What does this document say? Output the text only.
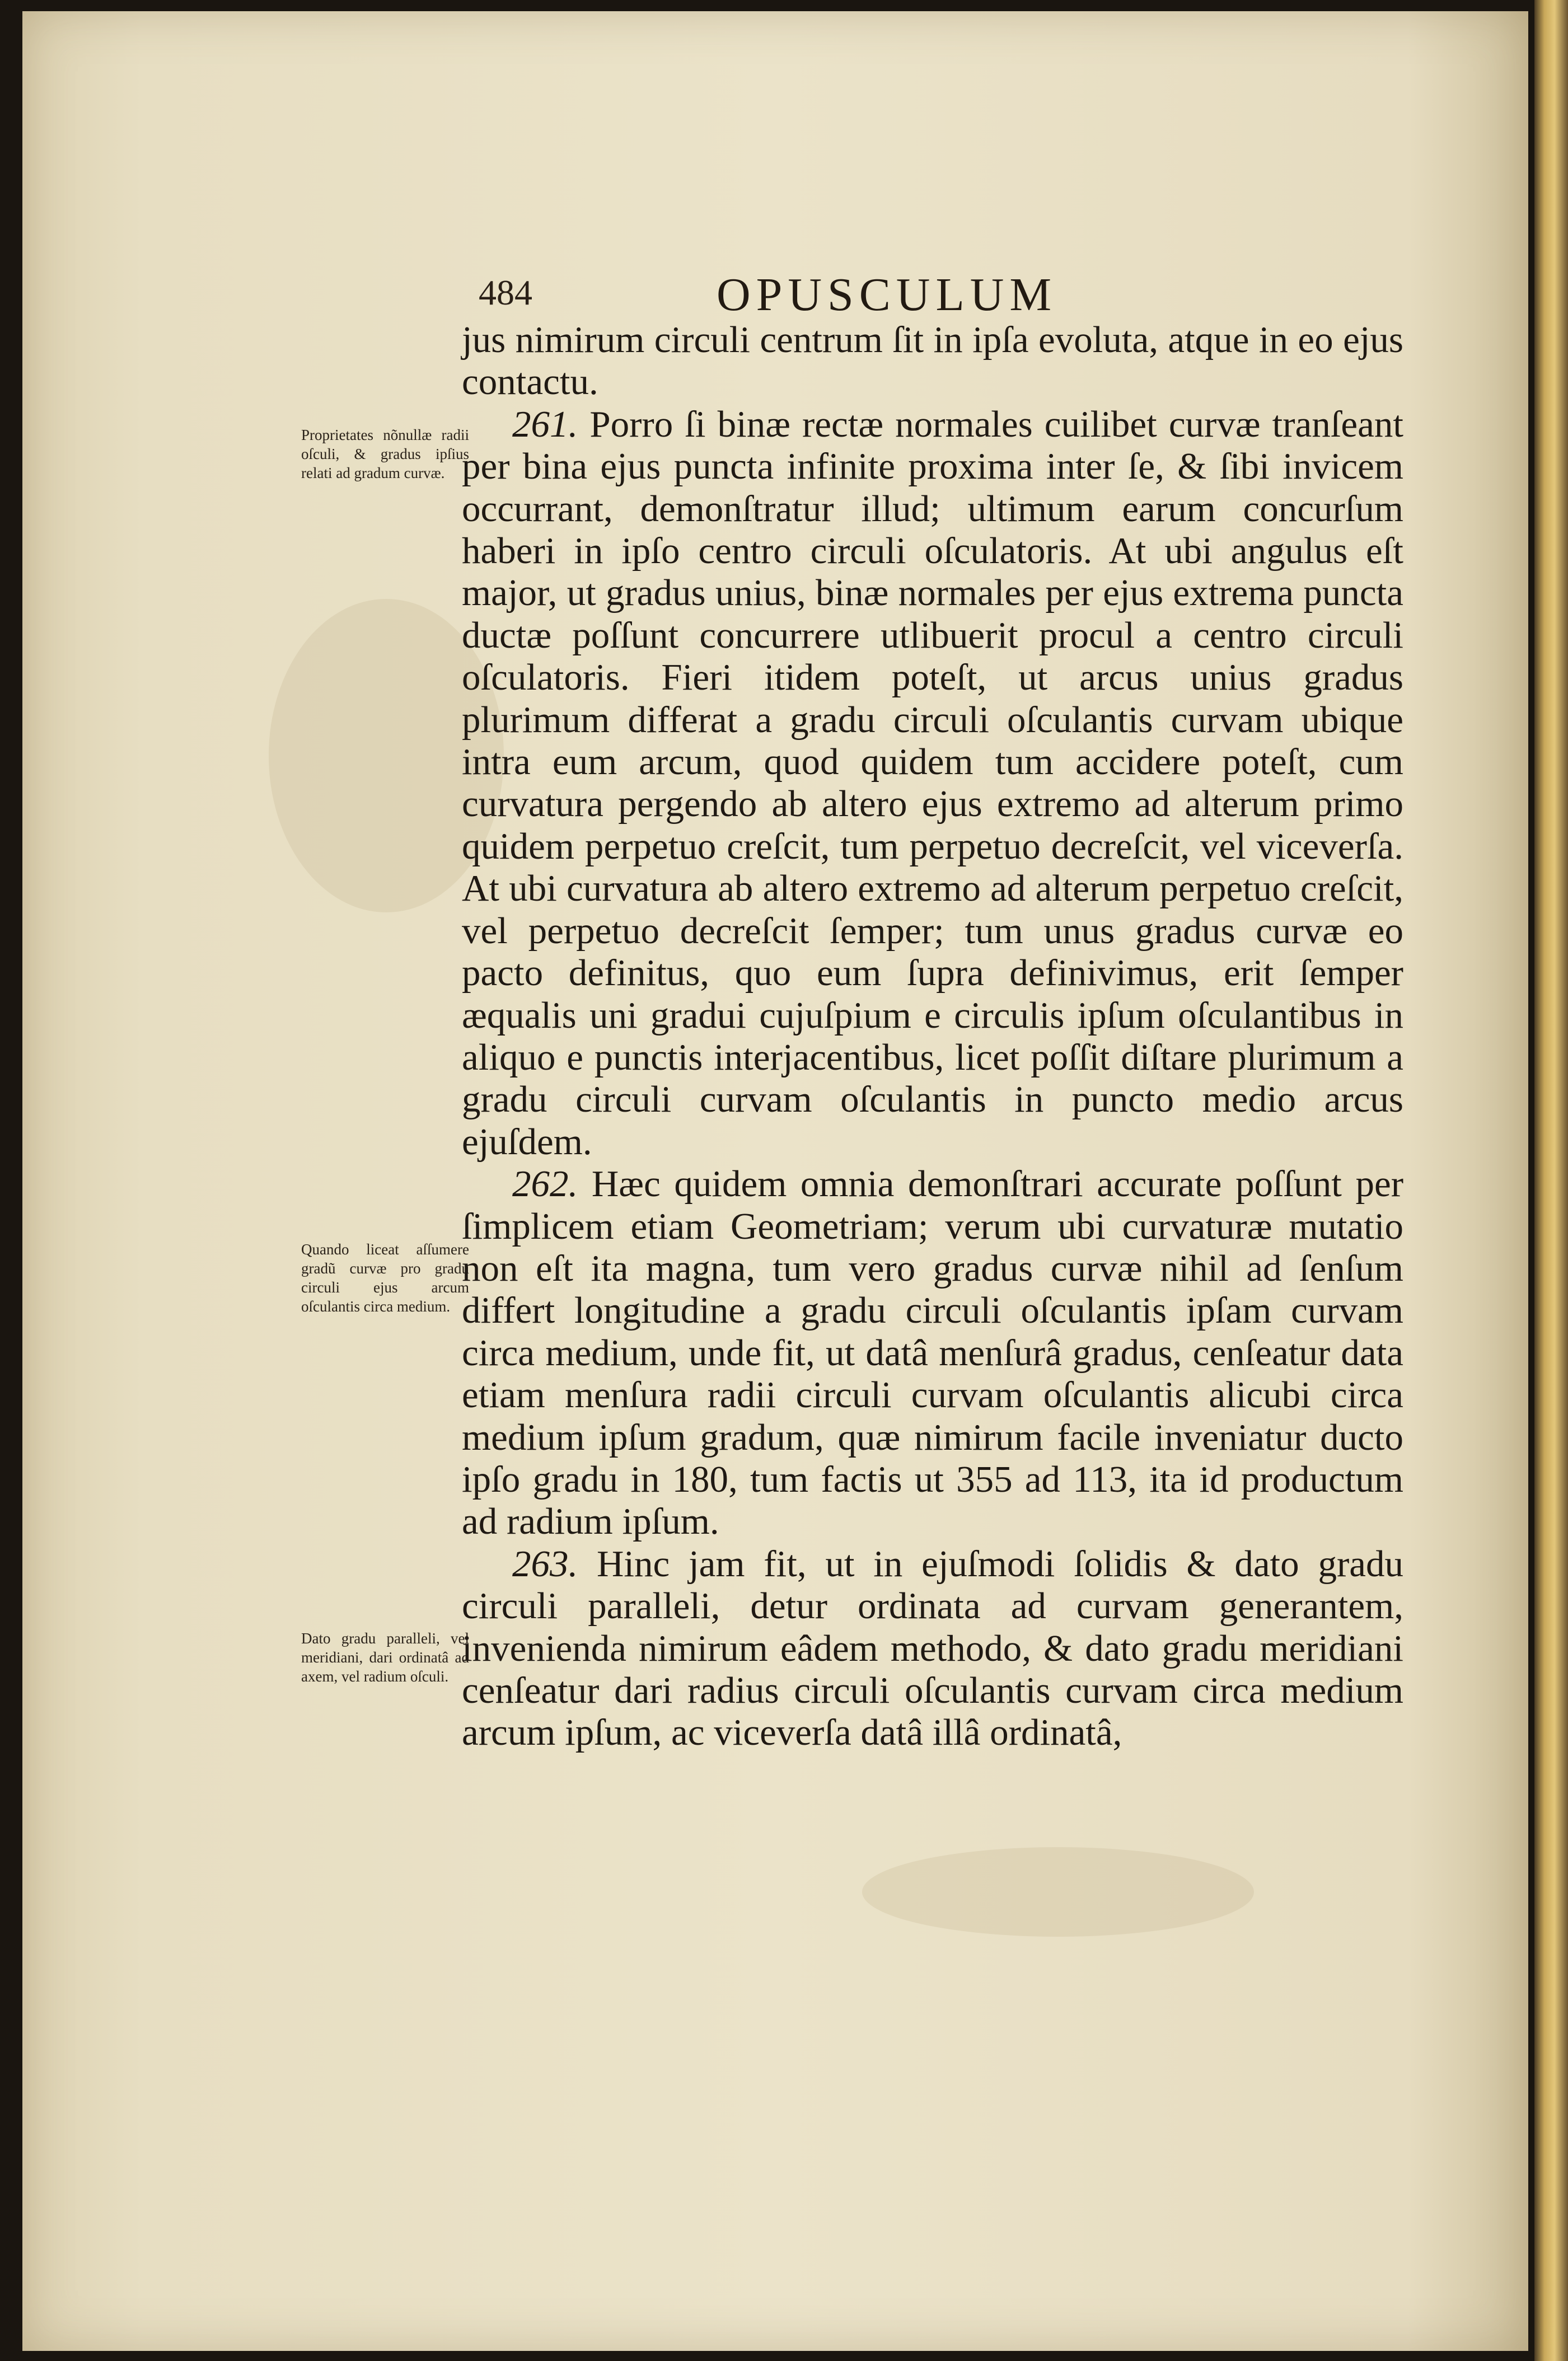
484	OPUSCULUM
Proprietates nõnullæ radii oſculi, & gradus ipſius relati ad gradum curvæ.
Quando liceat aſſumere gradũ curvæ pro gradu circuli ejus arcum oſculantis circa medium.
Dato gradu paralleli, vel meridiani, dari ordinatâ ad axem, vel radium oſculi.

jus nimirum circuli centrum ſit in ipſa evoluta, atque in eo ejus contactu.

261. Porro ſi binæ rectæ normales cuilibet curvæ tranſeant per bina ejus puncta infinite proxima inter ſe, & ſibi invicem occurrant, demonſtratur illud; ultimum earum concurſum haberi in ipſo centro circuli oſculatoris. At ubi angulus eſt major, ut gradus unius, binæ normales per ejus extrema puncta ductæ poſſunt concurrere utlibuerit procul a centro circuli oſculatoris. Fieri itidem poteſt, ut arcus unius gradus plurimum differat a gradu circuli oſculantis curvam ubique intra eum arcum, quod quidem tum accidere poteſt, cum curvatura pergendo ab altero ejus extremo ad alterum primo quidem perpetuo creſcit, tum perpetuo decreſcit, vel viceverſa. At ubi curvatura ab altero extremo ad alterum perpetuo creſcit, vel perpetuo decreſcit ſemper; tum unus gradus curvæ eo pacto definitus, quo eum ſupra definivimus, erit ſemper æqualis uni gradui cujuſpium e circulis ipſum oſculantibus in aliquo e punctis interjacentibus, licet poſſit diſtare plurimum a gradu circuli curvam oſculantis in puncto medio arcus ejuſdem.

262. Hæc quidem omnia demonſtrari accurate poſſunt per ſimplicem etiam Geometriam; verum ubi curvaturæ mutatio non eſt ita magna, tum vero gradus curvæ nihil ad ſenſum differt longitudine a gradu circuli oſculantis ipſam curvam circa medium, unde fit, ut datâ menſurâ gradus, cenſeatur data etiam menſura radii circuli curvam oſculantis alicubi circa medium ipſum gradum, quæ nimirum facile inveniatur ducto ipſo gradu in 180, tum factis ut 355 ad 113, ita id productum ad radium ipſum.

263. Hinc jam fit, ut in ejuſmodi ſolidis & dato gradu circuli paralleli, detur ordinata ad curvam generantem, invenienda nimirum eâdem methodo, & dato gradu meridiani cenſeatur dari radius circuli oſculantis curvam circa medium arcum ipſum, ac viceverſa datâ illâ ordinatâ,
